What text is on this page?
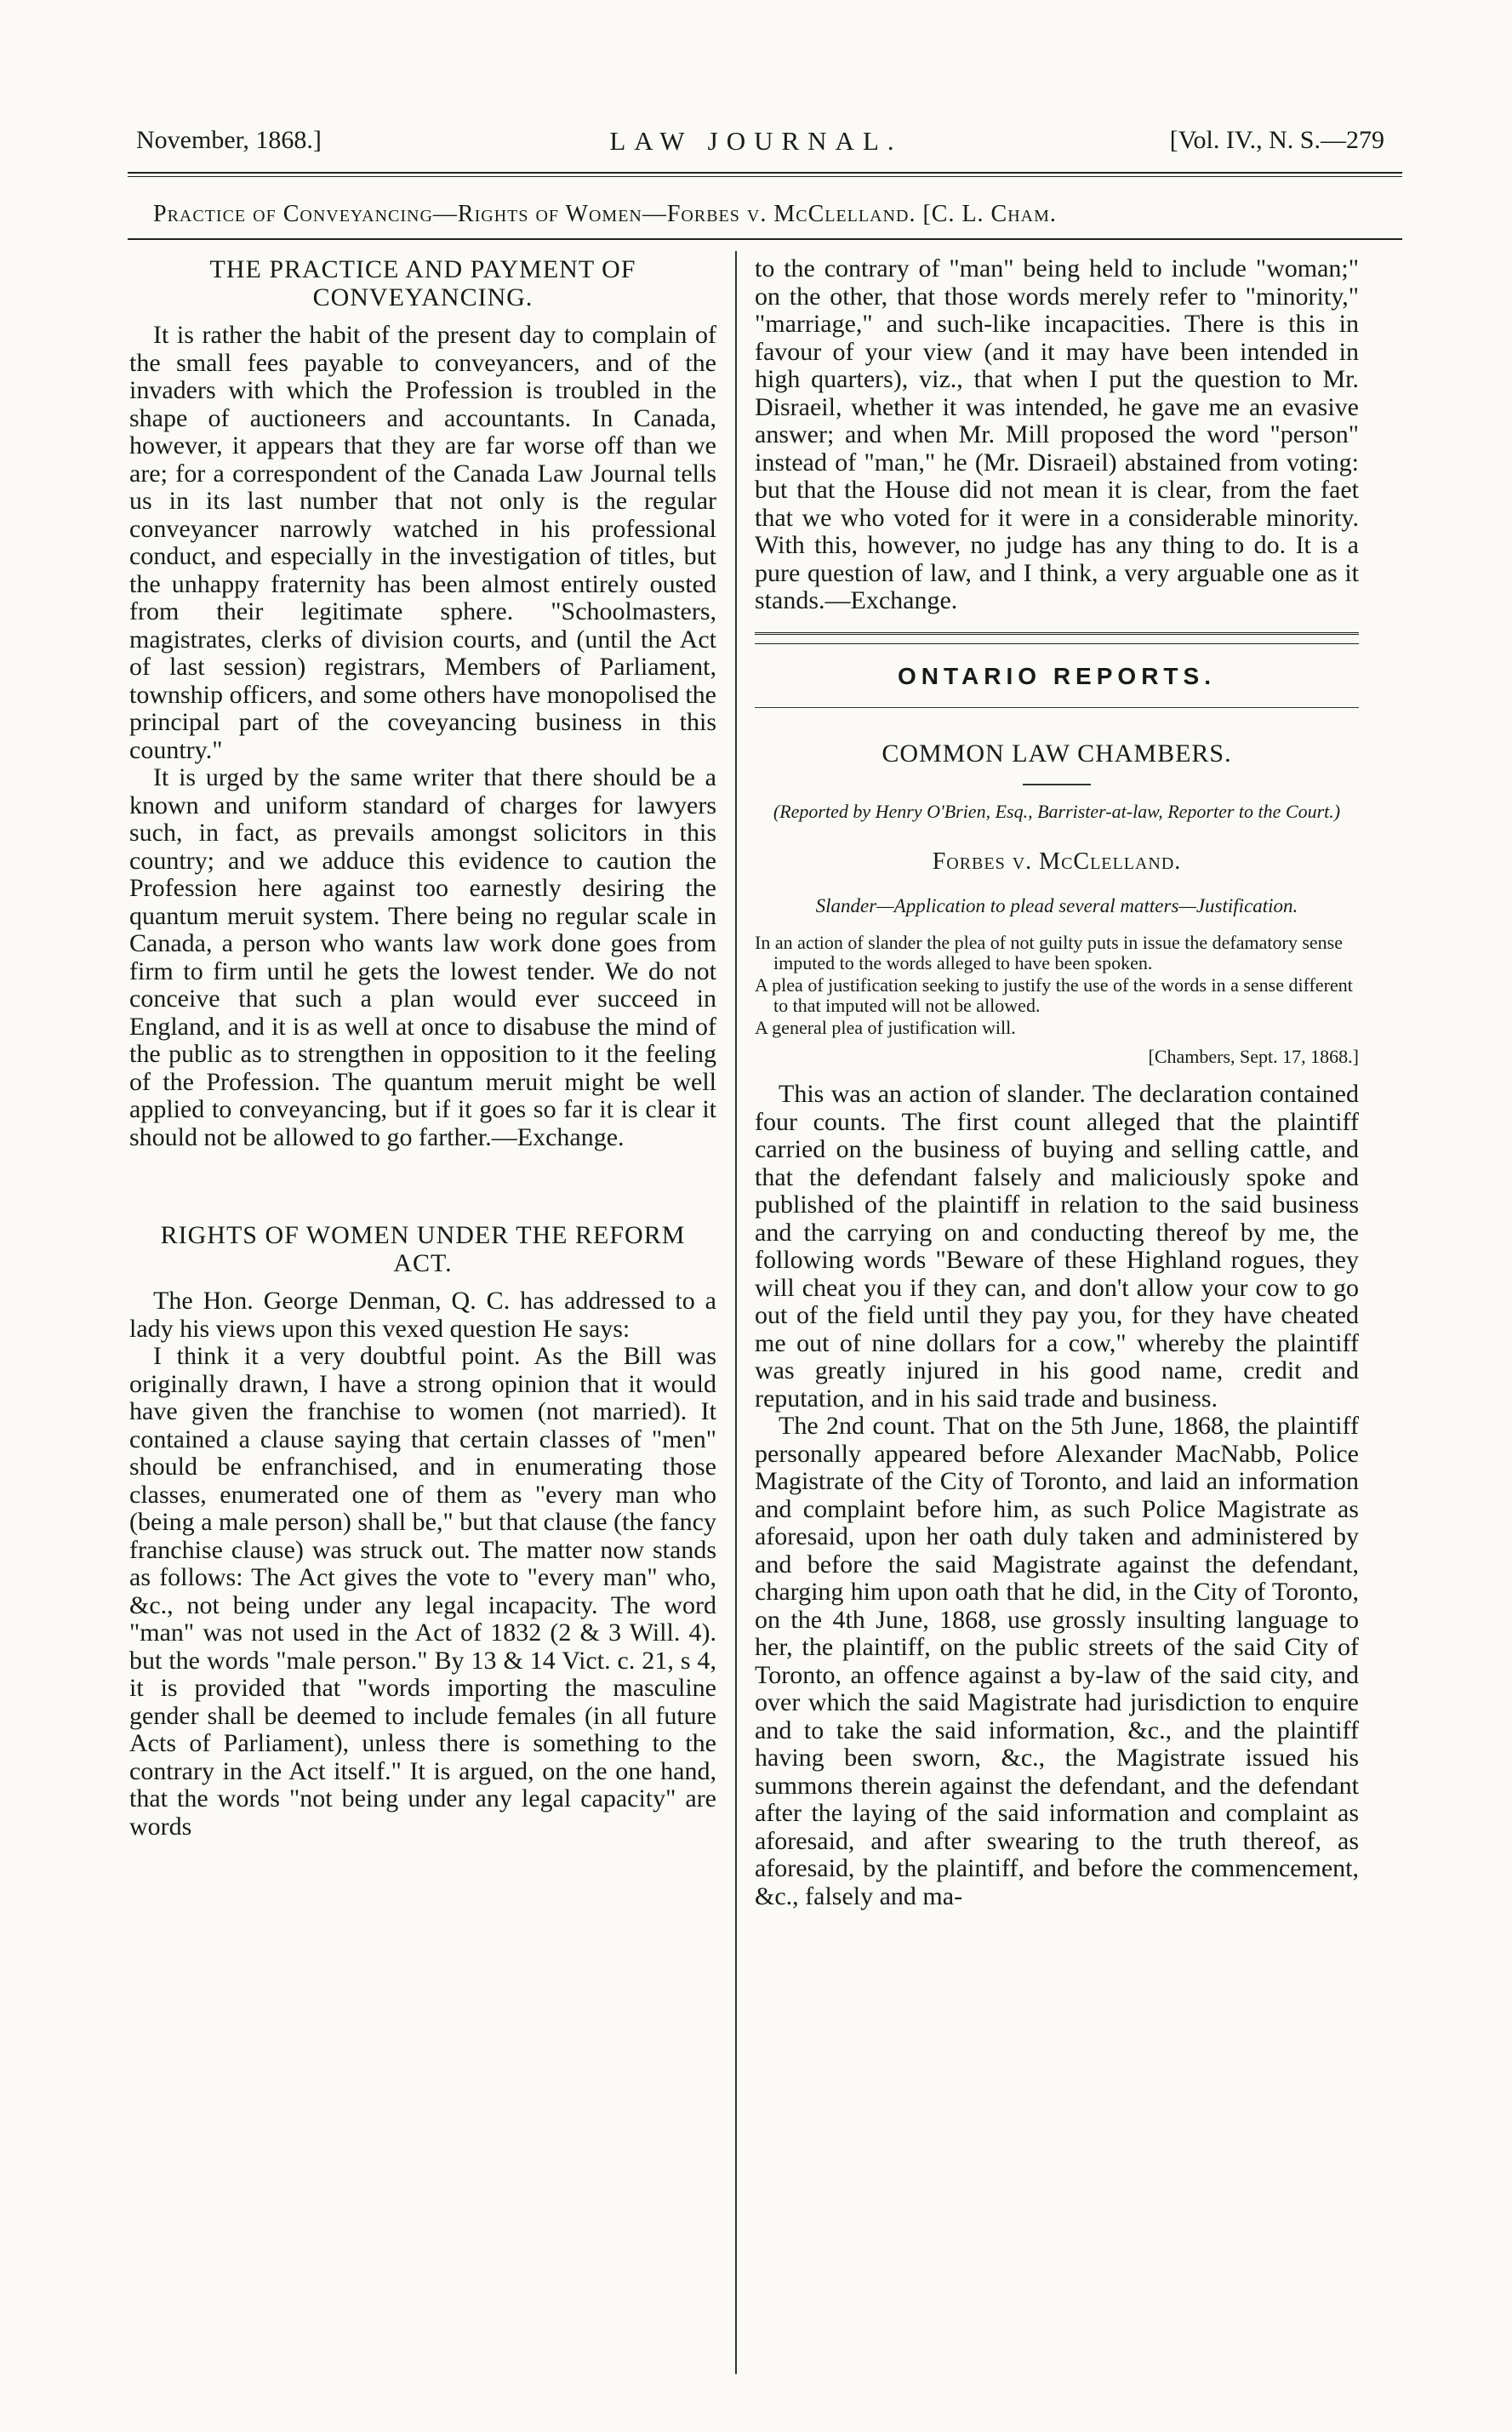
November, 1868.]	LAW JOURNAL.	[Vol. IV., N. S.—279
Practice of Conveyancing—Rights of Women—Forbes v. McClelland. [C. L. Cham.
THE PRACTICE AND PAYMENT OF CONVEYANCING.

It is rather the habit of the present day to complain of the small fees payable to conveyancers, and of the invaders with which the Profession is troubled in the shape of auctioneers and accountants. In Canada, however, it appears that they are far worse off than we are; for a correspondent of the Canada Law Journal tells us in its last number that not only is the regular conveyancer narrowly watched in his professional conduct, and especially in the investigation of titles, but the unhappy fraternity has been almost entirely ousted from their legitimate sphere. "Schoolmasters, magistrates, clerks of division courts, and (until the Act of last session) registrars, Members of Parliament, township officers, and some others have monopolised the principal part of the coveyancing business in this country."

It is urged by the same writer that there should be a known and uniform standard of charges for lawyers such, in fact, as prevails amongst solicitors in this country; and we adduce this evidence to caution the Profession here against too earnestly desiring the quantum meruit system. There being no regular scale in Canada, a person who wants law work done goes from firm to firm until he gets the lowest tender. We do not conceive that such a plan would ever succeed in England, and it is as well at once to disabuse the mind of the public as to strengthen in opposition to it the feeling of the Profession. The quantum meruit might be well applied to conveyancing, but if it goes so far it is clear it should not be allowed to go farther.—Exchange.

RIGHTS OF WOMEN UNDER THE REFORM ACT.

The Hon. George Denman, Q. C. has addressed to a lady his views upon this vexed question He says:

I think it a very doubtful point. As the Bill was originally drawn, I have a strong opinion that it would have given the franchise to women (not married). It contained a clause saying that certain classes of "men" should be enfranchised, and in enumerating those classes, enumerated one of them as "every man who (being a male person) shall be," but that clause (the fancy franchise clause) was struck out. The matter now stands as follows: The Act gives the vote to "every man" who, &c., not being under any legal incapacity. The word "man" was not used in the Act of 1832 (2 & 3 Will. 4). but the words "male person." By 13 & 14 Vict. c. 21, s 4, it is provided that "words importing the masculine gender shall be deemed to include females (in all future Acts of Parliament), unless there is something to the contrary in the Act itself." It is argued, on the one hand, that the words "not being under any legal capacity" are words

to the contrary of "man" being held to include "woman;" on the other, that those words merely refer to "minority," "marriage," and such-like incapacities. There is this in favour of your view (and it may have been intended in high quarters), viz., that when I put the question to Mr. Disraeil, whether it was intended, he gave me an evasive answer; and when Mr. Mill proposed the word "person" instead of "man," he (Mr. Disraeil) abstained from voting: but that the House did not mean it is clear, from the faet that we who voted for it were in a considerable minority. With this, however, no judge has any thing to do. It is a pure question of law, and I think, a very arguable one as it stands.—Exchange.

ONTARIO REPORTS.
COMMON LAW CHAMBERS.
(Reported by Henry O'Brien, Esq., Barrister-at-law, Reporter to the Court.)
Forbes v. McClelland.
Slander—Application to plead several matters—Justification.
In an action of slander the plea of not guilty puts in issue the defamatory sense imputed to the words alleged to have been spoken.
A plea of justification seeking to justify the use of the words in a sense different to that imputed will not be allowed.
A general plea of justification will.
[Chambers, Sept. 17, 1868.]

This was an action of slander. The declaration contained four counts. The first count alleged that the plaintiff carried on the business of buying and selling cattle, and that the defendant falsely and maliciously spoke and published of the plaintiff in relation to the said business and the carrying on and conducting thereof by me, the following words "Beware of these Highland rogues, they will cheat you if they can, and don't allow your cow to go out of the field until they pay you, for they have cheated me out of nine dollars for a cow," whereby the plaintiff was greatly injured in his good name, credit and reputation, and in his said trade and business.

The 2nd count. That on the 5th June, 1868, the plaintiff personally appeared before Alexander MacNabb, Police Magistrate of the City of Toronto, and laid an information and complaint before him, as such Police Magistrate as aforesaid, upon her oath duly taken and administered by and before the said Magistrate against the defendant, charging him upon oath that he did, in the City of Toronto, on the 4th June, 1868, use grossly insulting language to her, the plaintiff, on the public streets of the said City of Toronto, an offence against a by-law of the said city, and over which the said Magistrate had jurisdiction to enquire and to take the said information, &c., and the plaintiff having been sworn, &c., the Magistrate issued his summons therein against the defendant, and the defendant after the laying of the said information and complaint as aforesaid, and after swearing to the truth thereof, as aforesaid, by the plaintiff, and before the commencement, &c., falsely and ma-
